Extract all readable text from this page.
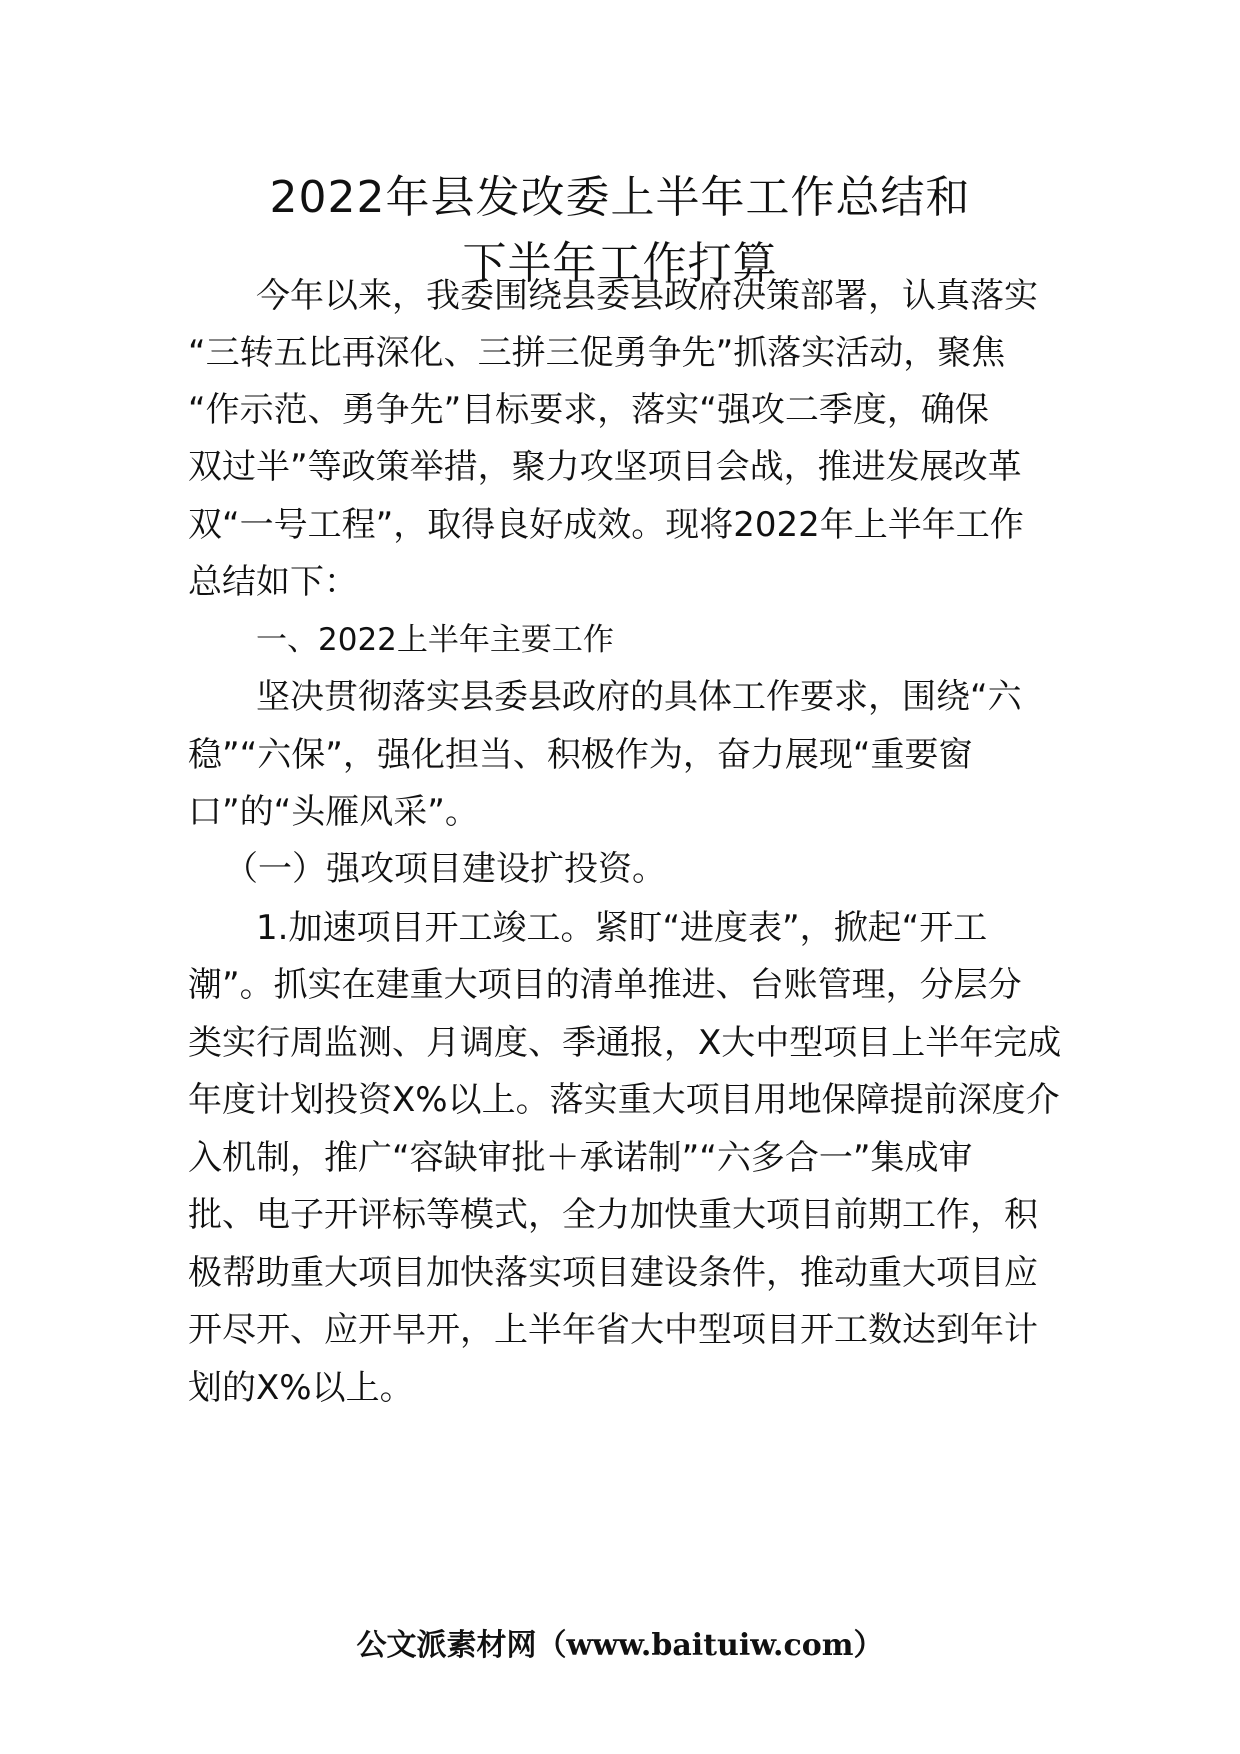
2022年县发改委上半年工作总结和
下半年工作打算
今年以来，我委围绕县委县政府决策部署，认真落实
“三转五比再深化、三拼三促勇争先”抓落实活动，聚焦
“作示范、勇争先”目标要求，落实“强攻二季度，确保
双过半”等政策举措，聚力攻坚项目会战，推进发展改革
双“一号工程”，取得良好成效。现将2022年上半年工作
总结如下：
一、2022上半年主要工作
坚决贯彻落实县委县政府的具体工作要求，围绕“六
稳”“六保”，强化担当、积极作为，奋力展现“重要窗
口”的“头雁风采”。
（一）强攻项目建设扩投资。
1.加速项目开工竣工。紧盯“进度表”，掀起“开工
潮”。抓实在建重大项目的清单推进、台账管理，分层分
类实行周监测、月调度、季通报，X大中型项目上半年完成
年度计划投资X%以上。落实重大项目用地保障提前深度介
入机制，推广“容缺审批＋承诺制”“六多合一”集成审
批、电子开评标等模式，全力加快重大项目前期工作，积
极帮助重大项目加快落实项目建设条件，推动重大项目应
开尽开、应开早开，上半年省大中型项目开工数达到年计
划的X%以上。
公文派素材网（www.baituiw.com）
